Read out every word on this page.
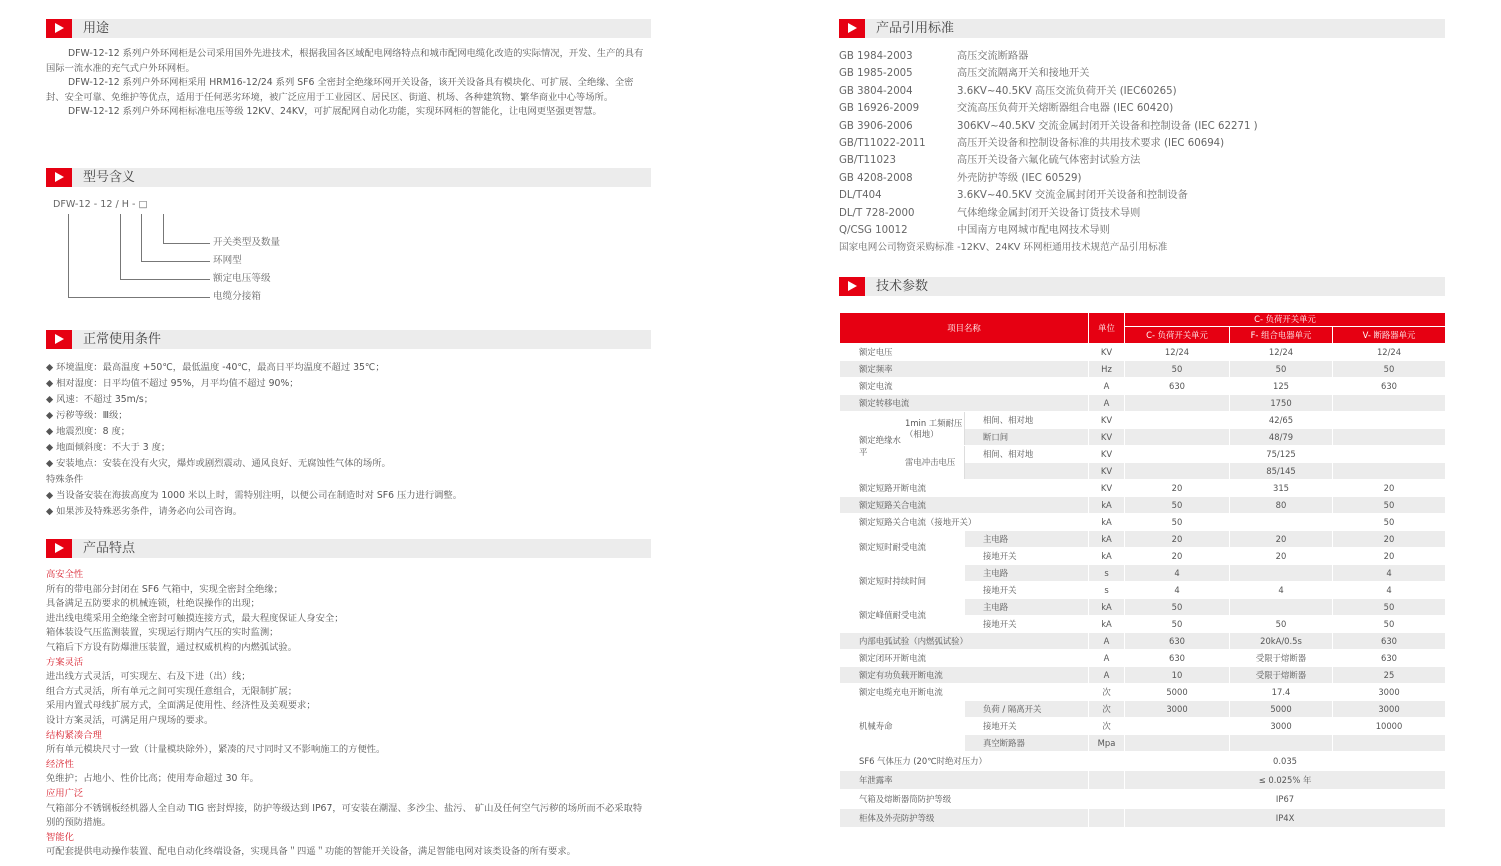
用途

DFW-12-12 系列户外环网柜是公司采用国外先进技术，根据我国各区域配电网络特点和城市配网电缆化改造的实际情况，开发、生产的具有国际一流水准的充气式户外环网柜。

DFW-12-12 系列户外环网柜采用 HRM16-12/24 系列 SF6 全密封全绝缘环网开关设备，该开关设备具有模块化、可扩展、全绝缘、全密封、安全可靠、免维护等优点，适用于任何恶劣环境，被广泛应用于工业园区、居民区、街道、机场、各种建筑物、繁华商业中心等场所。

DFW-12-12 系列户外环网柜标准电压等级 12KV、24KV，可扩展配网自动化功能，实现环网柜的智能化，让电网更坚强更智慧。

型号含义
DFW-12 - 12 / H - □
开关类型及数量
环网型
额定电压等级
电缆分接箱
正常使用条件

◆ 环境温度：最高温度 +50℃，最低温度 -40℃，最高日平均温度不超过 35℃；

◆ 相对湿度：日平均值不超过 95%，月平均值不超过 90%；

◆ 风速：不超过 35m/s；

◆ 污秽等级：Ⅲ级；

◆ 地震烈度：8 度；

◆ 地面倾斜度：不大于 3 度；

◆ 安装地点：安装在没有火灾，爆炸或剧烈震动、通风良好、无腐蚀性气体的场所。

特殊条件

◆ 当设备安装在海拔高度为 1000 米以上时，需特别注明，以便公司在制造时对 SF6 压力进行调整。

◆ 如果涉及特殊恶劣条件，请务必向公司咨询。

产品特点

高安全性

所有的带电部分封闭在 SF6 气箱中，实现全密封全绝缘；

具备满足五防要求的机械连锁，杜绝误操作的出现；

进出线电缆采用全绝缘全密封可触摸连接方式，最大程度保证人身安全；

箱体装设气压监测装置，实现运行期内气压的实时监测；

气箱后下方设有防爆泄压装置，通过权威机构的内燃弧试验。

方案灵活

进出线方式灵活，可实现左、右及下进（出）线；

组合方式灵活，所有单元之间可实现任意组合，无限制扩展；

采用内置式母线扩展方式，全面满足使用性、经济性及美观要求；

设计方案灵活，可满足用户现场的要求。

结构紧凑合理

所有单元模块尺寸一致（计量模块除外），紧凑的尺寸同时又不影响施工的方便性。

经济性

免维护；占地小、性价比高；使用寿命超过 30 年。

应用广泛

气箱部分不锈钢板经机器人全自动 TIG 密封焊接，防护等级达到 IP67，可安装在潮湿、多沙尘、盐污、 矿山及任何空气污秽的场所而不必采取特别的预防措施。

智能化

可配套提供电动操作装置、配电自动化终端设备，实现具备＂四遥＂功能的智能开关设备，满足智能电网对该类设备的所有要求。

产品引用标准
GB 1984-2003	高压交流断路器
GB 1985-2005	高压交流隔离开关和接地开关
GB 3804-2004	3.6KV~40.5KV 高压交流负荷开关 (IEC60265)
GB 16926-2009	交流高压负荷开关熔断器组合电器 (IEC 60420)
GB 3906-2006	306KV~40.5KV 交流金属封闭开关设备和控制设备 (IEC 62271 )
GB/T11022-2011	高压开关设备和控制设备标准的共用技术要求 (IEC 60694)
GB/T11023	高压开关设备六氟化硫气体密封试验方法
GB 4208-2008	外壳防护等级 (IEC 60529)
DL/T404	3.6KV~40.5KV 交流金属封闭开关设备和控制设备
DL/T 728-2000	气体绝缘金属封闭开关设备订货技术导则
Q/CSG 10012	中国南方电网城市配电网技术导则
国家电网公司物资采购标准 -12KV、24KV 环网柜通用技术规范产品引用标准
技术参数
项目名称			单位	C- 负荷开关单元		
				C- 负荷开关单元	F- 组合电器单元	V- 断路器单元
额定电压			KV	12/24	12/24	12/24
额定频率			Hz	50	50	50
额定电流			A	630	125	630
额定转移电流			A		1750	
额定绝缘水平	1min 工频耐压（相地）	相间、相对地	KV		42/65	
		断口间	KV		48/79	
	雷电冲击电压	相间、相对地	KV		75/125	
			KV		85/145	
额定短路开断电流			KV	20	315	20
额定短路关合电流			kA	50	80	50
额定短路关合电流（接地开关）			kA	50		50
额定短时耐受电流		主电路	kA	20	20	20
		接地开关	kA	20	20	20
额定短时持续时间		主电路	s	4		4
		接地开关	s	4	4	4
额定峰值耐受电流		主电路	kA	50		50
		接地开关	kA	50	50	50
内部电弧试验（内燃弧试验）			A	630	20kA/0.5s	630
额定闭环开断电流			A	630	受限于熔断器	630
额定有功负载开断电流			A	10	受限于熔断器	25
额定电缆充电开断电流			次	5000	17.4	3000
机械寿命		负荷 / 隔离开关	次	3000	5000	3000
		接地开关	次		3000	10000
		真空断路器	Mpa			
SF6 气体压力 (20℃时绝对压力）				0.035		
年泄露率				≤ 0.025% 年		
气箱及熔断器筒防护等级				IP67		
柜体及外壳防护等级				IP4X		
